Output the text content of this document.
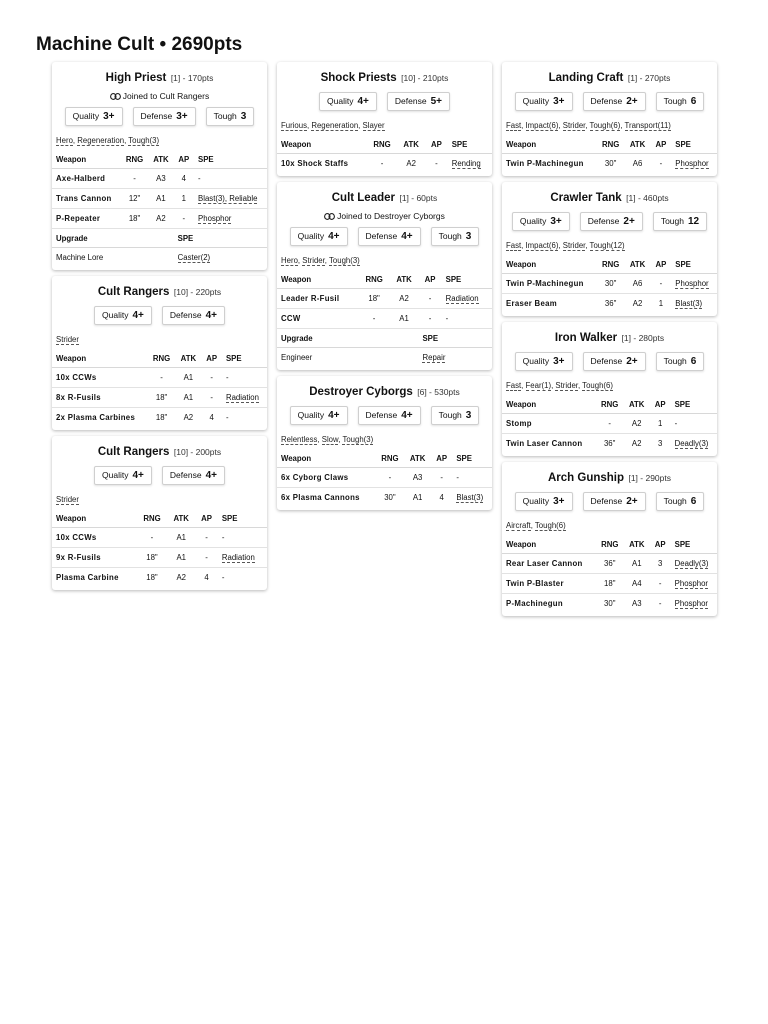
Machine Cult • 2690pts
High Priest [1] - 170pts
Joined to Cult Rangers
Quality 3+	Defense 3+	Tough 3
Hero, Regeneration, Tough(3)
Weapon	RNG	ATK	AP	SPE
Axe-Halberd	-	A3	4	-
Trans Cannon	12"	A1	1	Blast(3), Reliable
P-Repeater	18"	A2	-	Phosphor
Upgrade			SPE	
Machine Lore			Caster(2)	
Cult Rangers [10] - 220pts
Quality 4+	Defense 4+
Strider
Weapon	RNG	ATK	AP	SPE
10x CCWs	-	A1	-	-
8x R-Fusils	18"	A1	-	Radiation
2x Plasma Carbines	18"	A2	4	-
Cult Rangers [10] - 200pts
Quality 4+	Defense 4+
Strider
Weapon	RNG	ATK	AP	SPE
10x CCWs	-	A1	-	-
9x R-Fusils	18"	A1	-	Radiation
Plasma Carbine	18"	A2	4	-
Shock Priests [10] - 210pts
Quality 4+	Defense 5+
Furious, Regeneration, Slayer
Weapon	RNG	ATK	AP	SPE
10x Shock Staffs	-	A2	-	Rending
Cult Leader [1] - 60pts
Joined to Destroyer Cyborgs
Quality 4+	Defense 4+	Tough 3
Hero, Strider, Tough(3)
Weapon	RNG	ATK	AP	SPE
Leader R-Fusil	18"	A2	-	Radiation
CCW	-	A1	-	-
Upgrade			SPE	
Engineer			Repair	
Destroyer Cyborgs [6] - 530pts
Quality 4+	Defense 4+	Tough 3
Relentless, Slow, Tough(3)
Weapon	RNG	ATK	AP	SPE
6x Cyborg Claws	-	A3	-	-
6x Plasma Cannons	30"	A1	4	Blast(3)
Landing Craft [1] - 270pts
Quality 3+	Defense 2+	Tough 6
Fast, Impact(6), Strider, Tough(6), Transport(11)
Weapon	RNG	ATK	AP	SPE
Twin P-Machinegun	30"	A6	-	Phosphor
Crawler Tank [1] - 460pts
Quality 3+	Defense 2+	Tough 12
Fast, Impact(6), Strider, Tough(12)
Weapon	RNG	ATK	AP	SPE
Twin P-Machinegun	30"	A6	-	Phosphor
Eraser Beam	36"	A2	1	Blast(3)
Iron Walker [1] - 280pts
Quality 3+	Defense 2+	Tough 6
Fast, Fear(1), Strider, Tough(6)
Weapon	RNG	ATK	AP	SPE
Stomp	-	A2	1	-
Twin Laser Cannon	36"	A2	3	Deadly(3)
Arch Gunship [1] - 290pts
Quality 3+	Defense 2+	Tough 6
Aircraft, Tough(6)
Weapon	RNG	ATK	AP	SPE
Rear Laser Cannon	36"	A1	3	Deadly(3)
Twin P-Blaster	18"	A4	-	Phosphor
P-Machinegun	30"	A3	-	Phosphor
